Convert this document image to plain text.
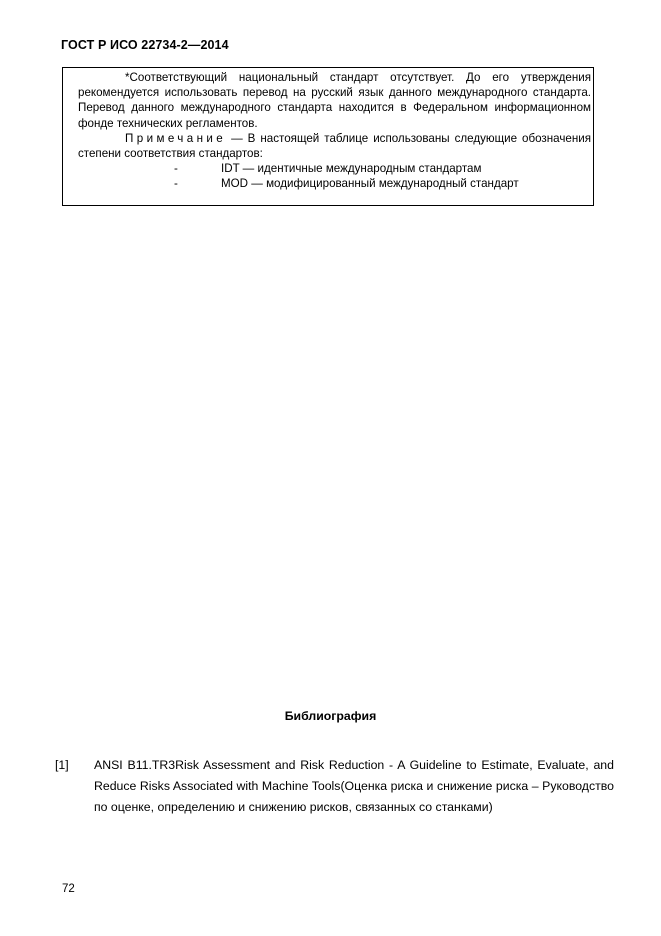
ГОСТ Р ИСО 22734-2—2014

*Соответствующий национальный стандарт отсутствует. До его утверждения рекомендуется использовать перевод на русский язык данного международного стандарта. Перевод данного международного стандарта находится в Федеральном информационном фонде технических регламентов.

Примечание — В настоящей таблице использованы следующие обозначения степени соответствия стандартов:

-	IDT — идентичные международным стандартам
-	MOD — модифицированный международный стандарт
Библиография
[1] ANSI B11.TR3Risk Assessment and Risk Reduction - A Guideline to Estimate, Evaluate, and Reduce Risks Associated with Machine Tools(Оценка риска и снижение риска – Руководство по оценке, определению и снижению рисков, связанных со станками)
72
